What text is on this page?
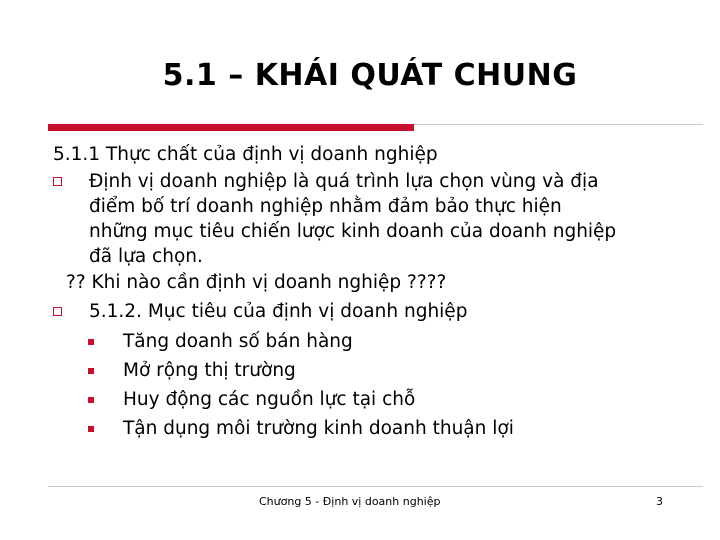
5.1 – KHÁI QUÁT CHUNG
5.1.1 Thực chất của định vị doanh nghiệp
Định vị doanh nghiệp là quá trình lựa chọn vùng và địa
điểm bố trí doanh nghiệp nhằm đảm bảo thực hiện
những mục tiêu chiến lược kinh doanh của doanh nghiệp
đã lựa chọn.
?? Khi nào cần định vị doanh nghiệp ????
5.1.2. Mục tiêu của định vị doanh nghiệp
Tăng doanh số bán hàng
Mở rộng thị trường
Huy động các nguồn lực tại chỗ
Tận dụng môi trường kinh doanh thuận lợi
Chương 5 - Định vị doanh nghiệp	3
